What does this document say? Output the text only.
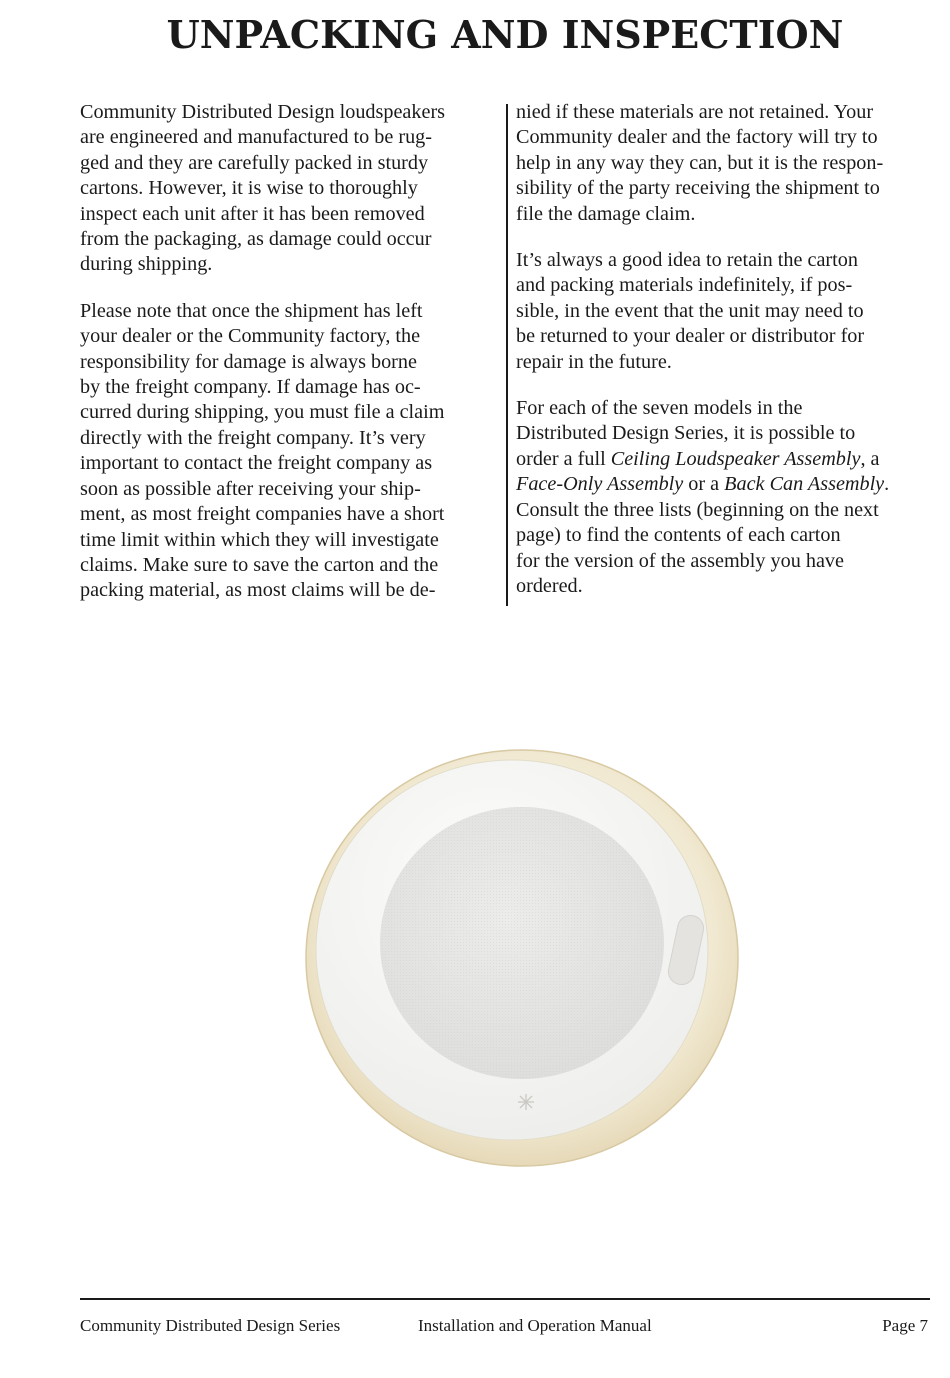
UNPACKING AND INSPECTION

Community Distributed Design loudspeakers
are engineered and manufactured to be rug-
ged and they are carefully packed in sturdy
cartons. However, it is wise to thoroughly
inspect each unit after it has been removed
from the packaging, as damage could occur
during shipping.

Please note that once the shipment has left
your dealer or the Community factory, the
responsibility for damage is always borne
by the freight company. If damage has oc-
curred during shipping, you must file a claim
directly with the freight company. It’s very
important to contact the freight company as
soon as possible after receiving your ship-
ment, as most freight companies have a short
time limit within which they will investigate
claims. Make sure to save the carton and the
packing material, as most claims will be de-

nied if these materials are not retained. Your
Community dealer and the factory will try to
help in any way they can, but it is the respon-
sibility of the party receiving the shipment to
file the damage claim.

It’s always a good idea to retain the carton
and packing materials indefinitely, if pos-
sible, in the event that the unit may need to
be returned to your dealer or distributor for
repair in the future.

For each of the seven models in the
Distributed Design Series, it is possible to
order a full Ceiling Loudspeaker Assembly, a
Face-Only Assembly or a Back Can Assembly.
Consult the three lists (beginning on the next
page) to find the contents of each carton
for the version of the assembly you have
ordered.

Community Distributed Design Series	Installation and Operation Manual	Page 7
